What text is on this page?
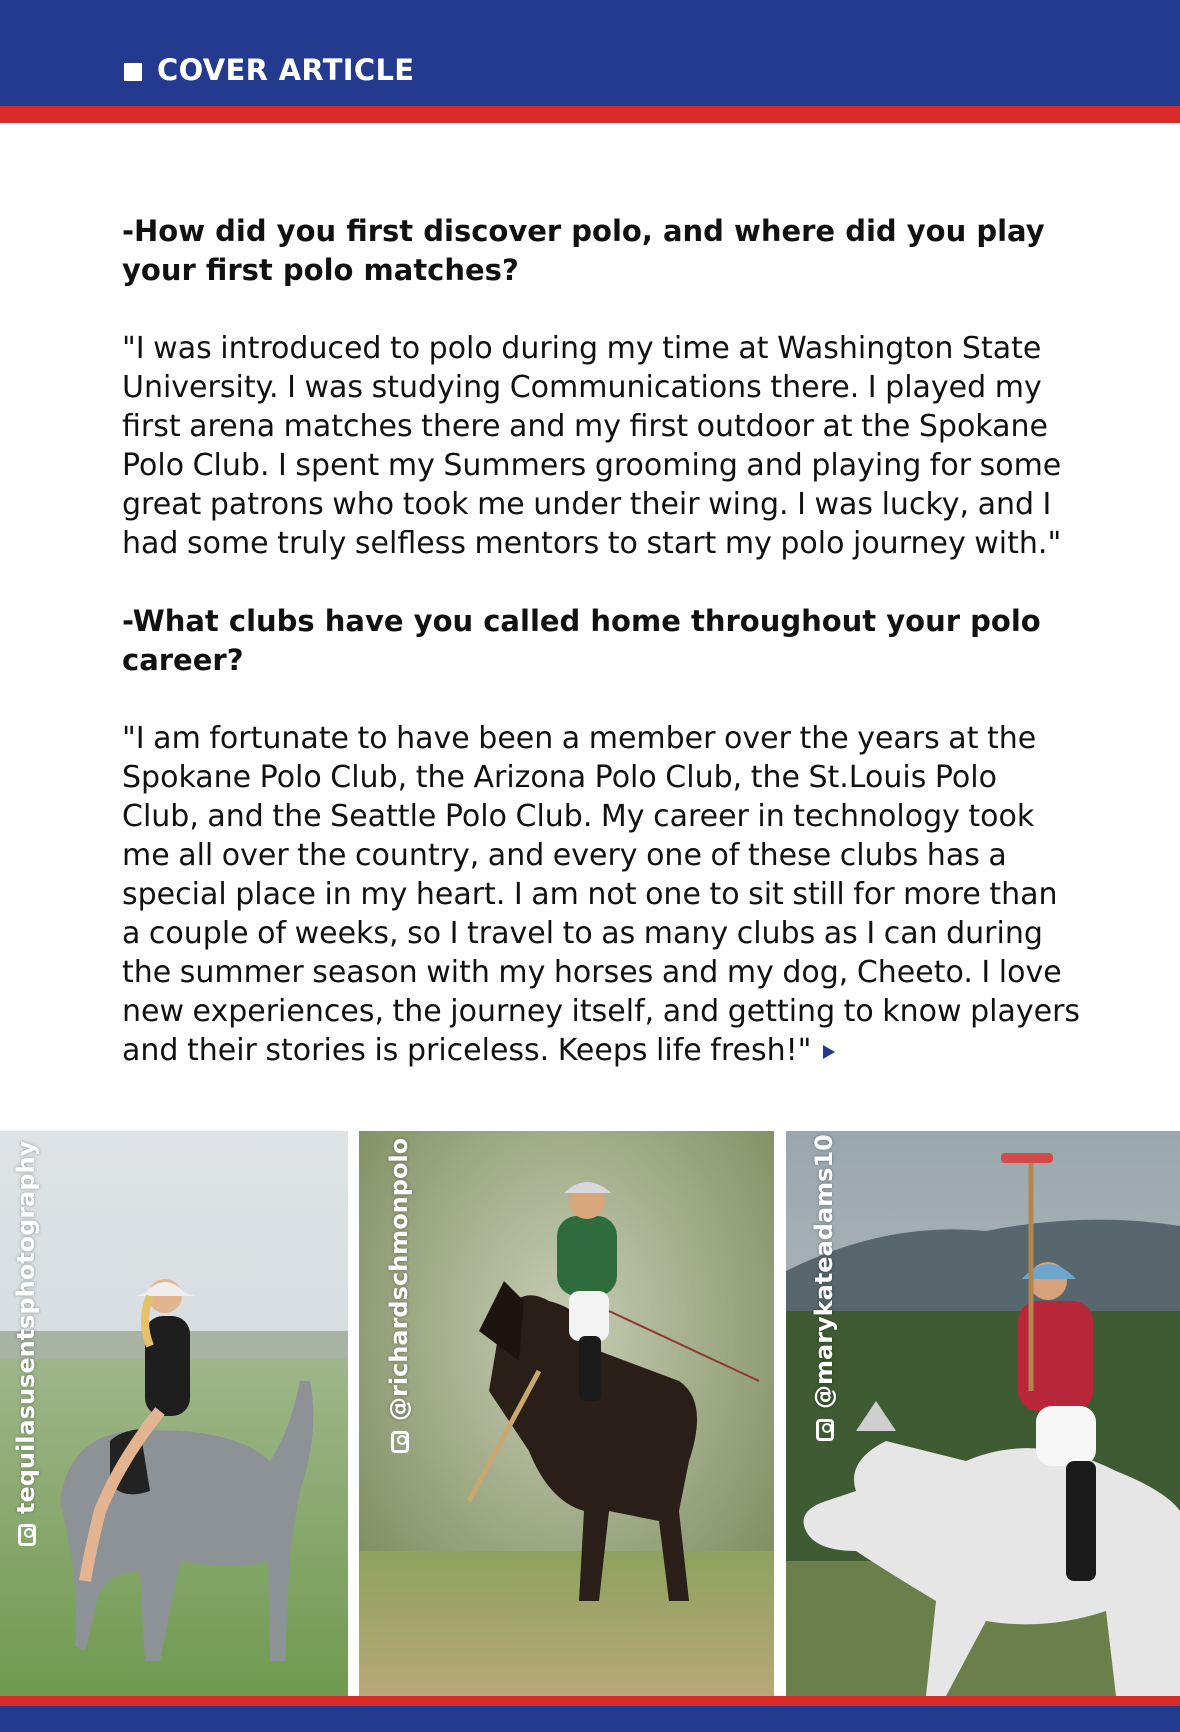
COVER ARTICLE

-How did you first discover polo, and where did you play your first polo matches?

"I was introduced to polo during my time at Washington State University. I was studying Communications there. I played my first arena matches there and my first outdoor at the Spokane Polo Club. I spent my Summers grooming and playing for some great patrons who took me under their wing. I was lucky, and I had some truly selfless mentors to start my polo journey with."

-What clubs have you called home throughout your polo career?

"I am fortunate to have been a member over the years at the Spokane Polo Club, the Arizona Polo Club, the St.Louis Polo Club, and the Seattle Polo Club. My career in technology took me all over the country, and every one of these clubs has a special place in my heart. I am not one to sit still for more than a couple of weeks, so I travel to as many clubs as I can during the summer season with my horses and my dog, Cheeto. I love new experiences, the journey itself, and getting to know players and their stories is priceless. Keeps life fresh!"

tequilasusentsphotography	@richardschmonpolo	@marykateadams10
